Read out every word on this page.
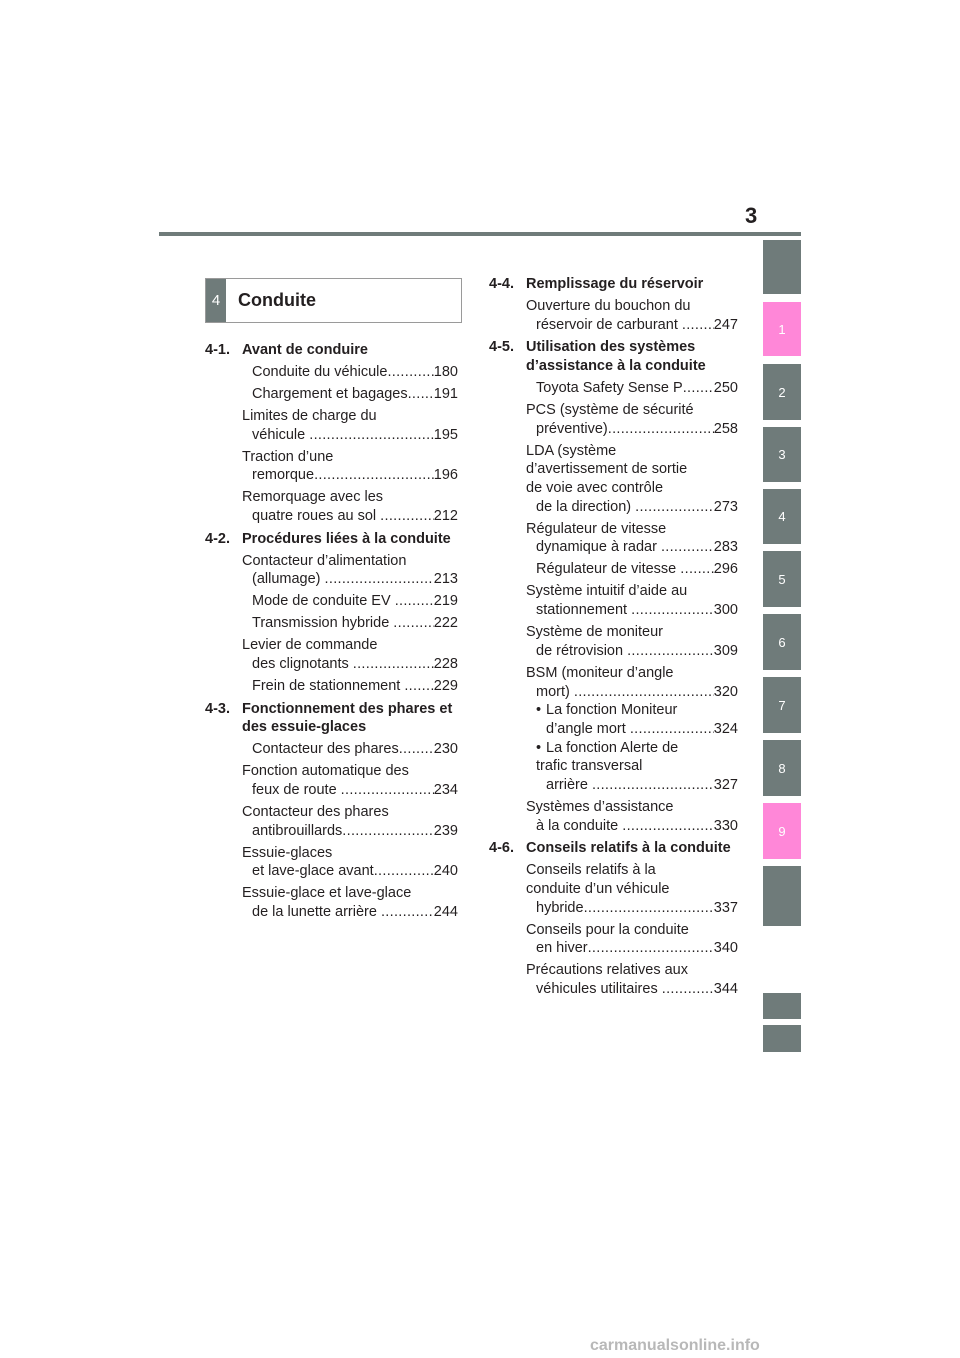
3
1
2
3
4
5
6
7
8
9
4 Conduite
4-1. Avant de conduire
Conduite du véhicule .....	180
Chargement et bagages ..... 191
Limites de charge du
véhicule .....	195
Traction d’une
remorque .....	196
Remorquage avec les
quatre roues au sol .....	212
4-2. Procédures liées à la conduite
Contacteur d’alimentation
(allumage) .....	213
Mode de conduite EV .....	219
Transmission hybride .....	222
Levier de commande
des clignotants .....	228
Frein de stationnement ..... 229
4-3. Fonctionnement des phares et des essuie-glaces
Contacteur des phares ..... 230
Fonction automatique des
feux de route .....	234
Contacteur des phares
antibrouillards .....	239
Essuie-glaces
et lave-glace avant .....	240
Essuie-glace et lave-glace
de la lunette arrière .....	244
4-4. Remplissage du réservoir
Ouverture du bouchon du
réservoir de carburant ..... 247
4-5. Utilisation des systèmes d’assistance à la conduite
Toyota Safety Sense P ..... 250
PCS (système de sécurité
préventive) .....	258
LDA (système
d’avertissement de sortie
de voie avec contrôle
de la direction) .....	273
Régulateur de vitesse
dynamique à radar .....	283
Régulateur de vitesse ..... 296
Système intuitif d’aide au
stationnement .....	300
Système de moniteur
de rétrovision .....	309
BSM (moniteur d’angle
mort) .....	320
• La fonction Moniteur
d’angle mort .....	324
• La fonction Alerte de
trafic transversal
arrière .....	327
Systèmes d’assistance
à la conduite .....	330
4-6. Conseils relatifs à la conduite
Conseils relatifs à la
conduite d’un véhicule
hybride .....	337
Conseils pour la conduite
en hiver .....	340
Précautions relatives aux
véhicules utilitaires .....	344
carmanualsonline.info
